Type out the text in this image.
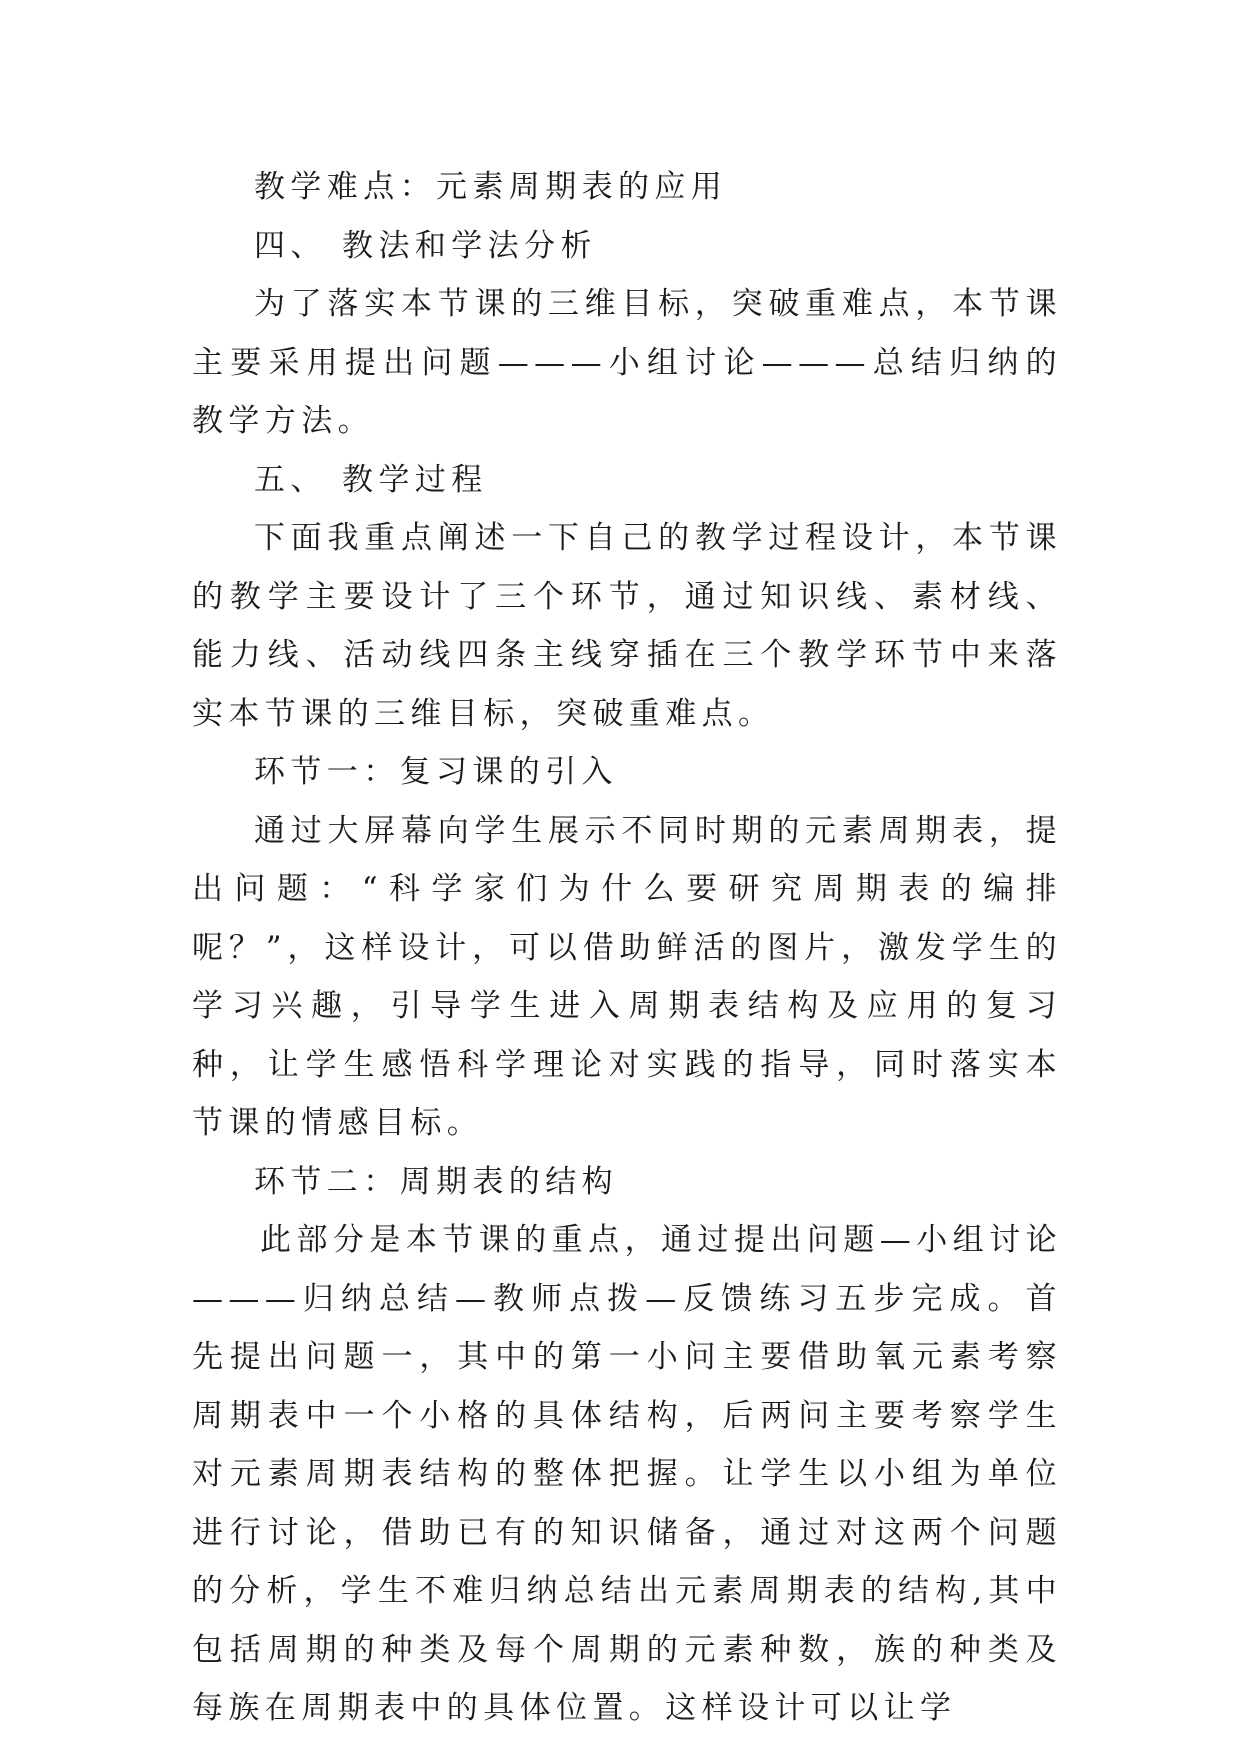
教学难点：元素周期表的应用

四、 教法和学法分析

为了落实本节课的三维目标，突破重难点，本节课主要采用提出问题———小组讨论———总结归纳的教学方法。

五、 教学过程

下面我重点阐述一下自己的教学过程设计，本节课的教学主要设计了三个环节，通过知识线、素材线、能力线、活动线四条主线穿插在三个教学环节中来落实本节课的三维目标，突破重难点。

环节一：复习课的引入

通过大屏幕向学生展示不同时期的元素周期表，提出问题：“科学家们为什么要研究周期表的编排呢？”，这样设计，可以借助鲜活的图片，激发学生的学习兴趣，引导学生进入周期表结构及应用的复习种，让学生感悟科学理论对实践的指导，同时落实本节课的情感目标。

环节二：周期表的结构

此部分是本节课的重点，通过提出问题—小组讨论———归纳总结—教师点拨—反馈练习五步完成。首先提出问题一，其中的第一小问主要借助氧元素考察周期表中一个小格的具体结构，后两问主要考察学生对元素周期表结构的整体把握。让学生以小组为单位进行讨论，借助已有的知识储备，通过对这两个问题的分析，学生不难归纳总结出元素周期表的结构,其中包括周期的种类及每个周期的元素种数，族的种类及每族在周期表中的具体位置。这样设计可以让学
